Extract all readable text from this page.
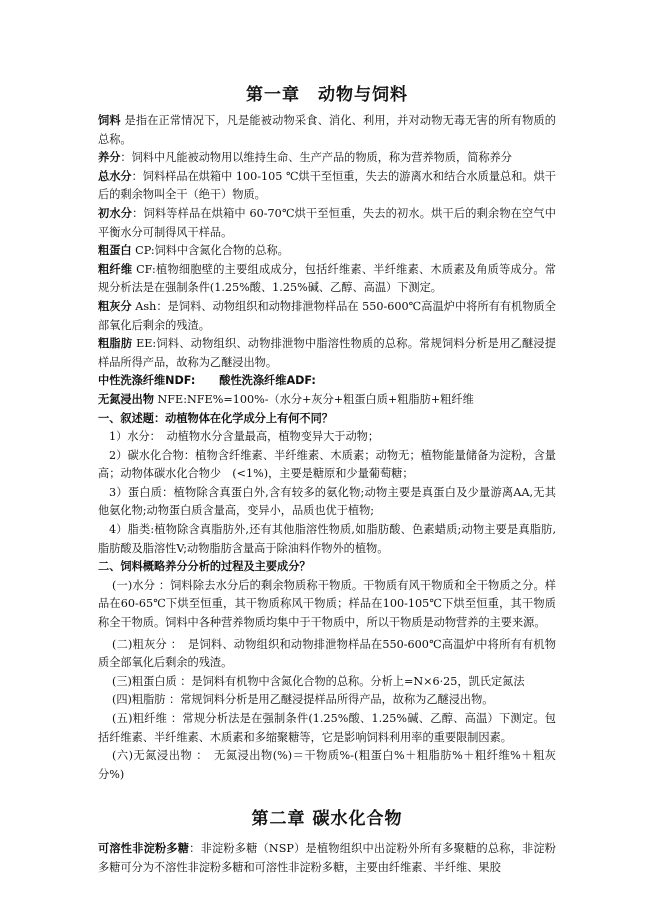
第一章　动物与饲料

饲料 是指在正常情况下，凡是能被动物采食、消化、利用，并对动物无毒无害的所有物质的总称。

养分：饲料中凡能被动物用以维持生命、生产产品的物质，称为营养物质，简称养分

总水分：饲料样品在烘箱中 100-105 ℃烘干至恒重，失去的游离水和结合水质量总和。烘干后的剩余物叫全干（绝干）物质。

初水分：饲料等样品在烘箱中 60-70℃烘干至恒重，失去的初水。烘干后的剩余物在空气中平衡水分可制得风干样品。

粗蛋白 CP:饲料中含氮化合物的总称。

粗纤维 CF:植物细胞壁的主要组成成分，包括纤维素、半纤维素、木质素及角质等成分。常规分析法是在强制条件(1.25%酸、1.25%碱、乙醇、高温）下测定。

粗灰分 Ash：是饲料、动物组织和动物排泄物样品在 550-600℃高温炉中将所有有机物质全部氧化后剩余的残渣。

粗脂肪 EE:饲料、动物组织、动物排泄物中脂溶性物质的总称。常规饲料分析是用乙醚浸提样品所得产品，故称为乙醚浸出物。

中性洗涤纤维NDF: 酸性洗涤纤维ADF:

无氮浸出物 NFE:NFE%=100%-（水分+灰分+粗蛋白质+粗脂肪+粗纤维

一、叙述题：动植物体在化学成分上有何不同？

1）水分：　动植物水分含量最高，植物变异大于动物；

2）碳水化合物：植物含纤维素、半纤维素、木质素；动物无；植物能量储备为淀粉，含量高；动物体碳水化合物少　(<1%)，主要是糖原和少量葡萄糖；

3）蛋白质：植物除含真蛋白外,含有较多的氨化物;动物主要是真蛋白及少量游离AA,无其他氨化物;动物蛋白质含量高，变异小，品质也优于植物;

4）脂类:植物除含真脂肪外,还有其他脂溶性物质,如脂肪酸、色素蜡质;动物主要是真脂肪,脂肪酸及脂溶性V;动物脂肪含量高于除油料作物外的植物。

二、饲料概略养分分析的过程及主要成分？

(一)水分 ：饲料除去水分后的剩余物质称干物质。干物质有风干物质和全干物质之分。样品在60-65℃下烘至恒重，其干物质称风干物质；样品在100-105℃下烘至恒重，其干物质称全干物质。饲料中各种营养物质均集中于干物质中，所以干物质是动物营养的主要来源。

(二)粗灰分 ：　是饲料、动物组织和动物排泄物样品在550-600℃高温炉中将所有有机物质全部氧化后剩余的残渣。

(三)粗蛋白质 ：是饲料有机物中含氮化合物的总称。分析上=N×6·25，凯氏定氮法

(四)粗脂肪 ：常规饲料分析是用乙醚浸提样品所得产品，故称为乙醚浸出物。

(五)粗纤维 ：常规分析法是在强制条件(1.25%酸、1.25%碱、乙醇、高温）下测定。包括纤维素、半纤维素、木质素和多缩聚糖等，它是影响饲料利用率的重要限制因素。

(六)无氮浸出物 ：　无氮浸出物(%)＝干物质%-(粗蛋白%＋粗脂肪%＋粗纤维%＋粗灰分%)

第二章 碳水化合物

可溶性非淀粉多糖：非淀粉多糖（NSP）是植物组织中出淀粉外所有多聚糖的总称，非淀粉多糖可分为不溶性非淀粉多糖和可溶性非淀粉多糖，主要由纤维素、半纤维、果胶
